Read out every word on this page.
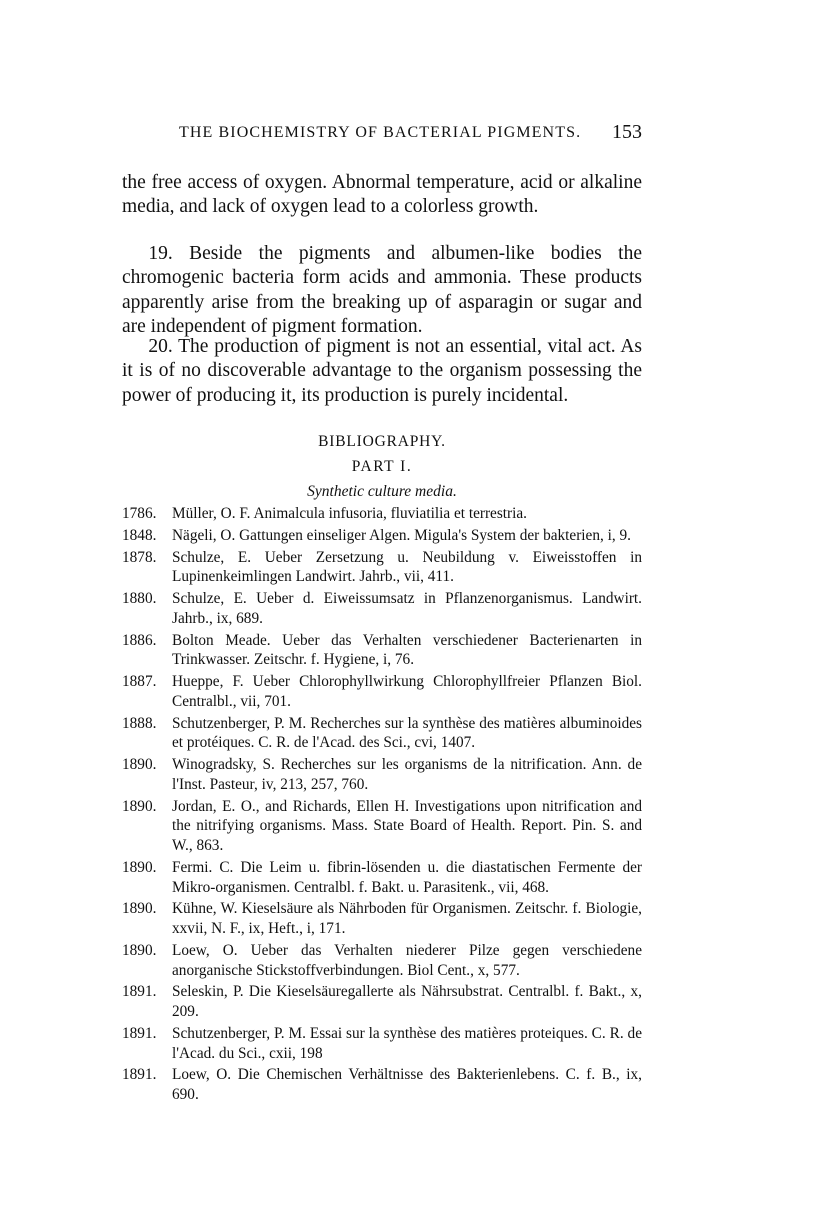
THE BIOCHEMISTRY OF BACTERIAL PIGMENTS. 153

the free access of oxygen. Abnormal temperature, acid or alkaline media, and lack of oxygen lead to a colorless growth.

19. Beside the pigments and albumen-like bodies the chromogenic bacteria form acids and ammonia. These products apparently arise from the breaking up of asparagin or sugar and are independent of pigment formation.

20. The production of pigment is not an essential, vital act. As it is of no discoverable advantage to the organism possessing the power of producing it, its production is purely incidental.

BIBLIOGRAPHY.
PART I.
Synthetic culture media.
1786.	Müller, O. F. Animalcula infusoria, fluviatilia et terrestria.
1848.	Nägeli, O. Gattungen einseliger Algen. Migula's System der bakterien, i, 9.
1878.	Schulze, E. Ueber Zersetzung u. Neubildung v. Eiweisstoffen in Lupinenkeimlingen Landwirt. Jahrb., vii, 411.
1880.	Schulze, E. Ueber d. Eiweissumsatz in Pflanzenorganismus. Landwirt. Jahrb., ix, 689.
1886.	Bolton Meade. Ueber das Verhalten verschiedener Bacterienarten in Trinkwasser. Zeitschr. f. Hygiene, i, 76.
1887.	Hueppe, F. Ueber Chlorophyllwirkung Chlorophyllfreier Pflanzen Biol. Centralbl., vii, 701.
1888.	Schutzenberger, P. M. Recherches sur la synthèse des matières albuminoides et protéiques. C. R. de l'Acad. des Sci., cvi, 1407.
1890.	Winogradsky, S. Recherches sur les organisms de la nitrification. Ann. de l'Inst. Pasteur, iv, 213, 257, 760.
1890.	Jordan, E. O., and Richards, Ellen H. Investigations upon nitrification and the nitrifying organisms. Mass. State Board of Health. Report. Pin. S. and W., 863.
1890.	Fermi. C. Die Leim u. fibrin-lösenden u. die diastatischen Fermente der Mikro-organismen. Centralbl. f. Bakt. u. Parasitenk., vii, 468.
1890.	Kühne, W. Kieselsäure als Nährboden für Organismen. Zeitschr. f. Biologie, xxvii, N. F., ix, Heft., i, 171.
1890.	Loew, O. Ueber das Verhalten niederer Pilze gegen verschiedene anorganische Stickstoffverbindungen. Biol Cent., x, 577.
1891.	Seleskin, P. Die Kieselsäuregallerte als Nährsubstrat. Centralbl. f. Bakt., x, 209.
1891.	Schutzenberger, P. M. Essai sur la synthèse des matières proteiques. C. R. de l'Acad. du Sci., cxii, 198
1891.	Loew, O. Die Chemischen Verhältnisse des Bakterienlebens. C. f. B., ix, 690.
